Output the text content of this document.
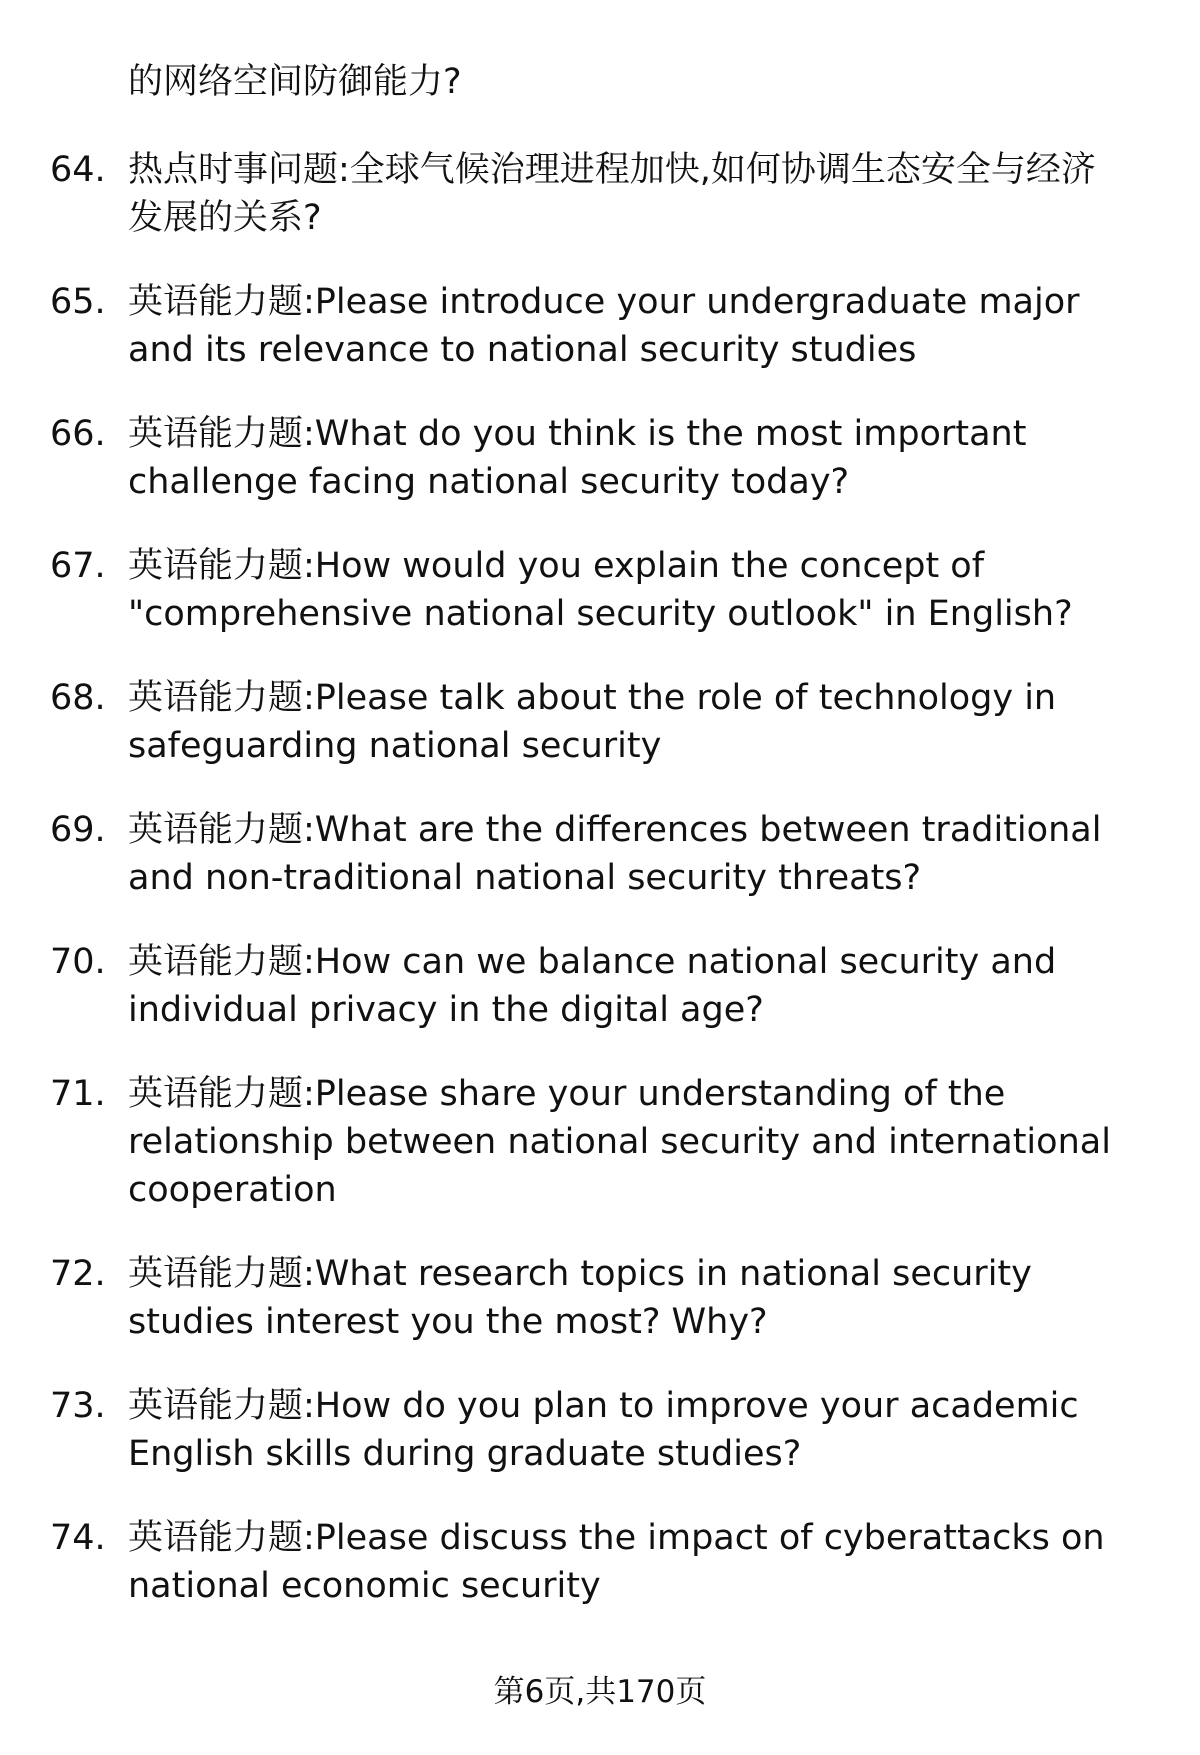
的网络空间防御能力?
64. 热点时事问题:全球气候治理进程加快,如何协调生态安全与经济发展的关系?
65. 英语能力题:Please introduce your undergraduate major and its relevance to national security studies
66. 英语能力题:What do you think is the most important challenge facing national security today?
67. 英语能力题:How would you explain the concept of "comprehensive national security outlook" in English?
68. 英语能力题:Please talk about the role of technology in safeguarding national security
69. 英语能力题:What are the differences between traditional and non-traditional national security threats?
70. 英语能力题:How can we balance national security and individual privacy in the digital age?
71. 英语能力题:Please share your understanding of the relationship between national security and international cooperation
72. 英语能力题:What research topics in national security studies interest you the most? Why?
73. 英语能力题:How do you plan to improve your academic English skills during graduate studies?
74. 英语能力题:Please discuss the impact of cyberattacks on national economic security
第6页,共170页
